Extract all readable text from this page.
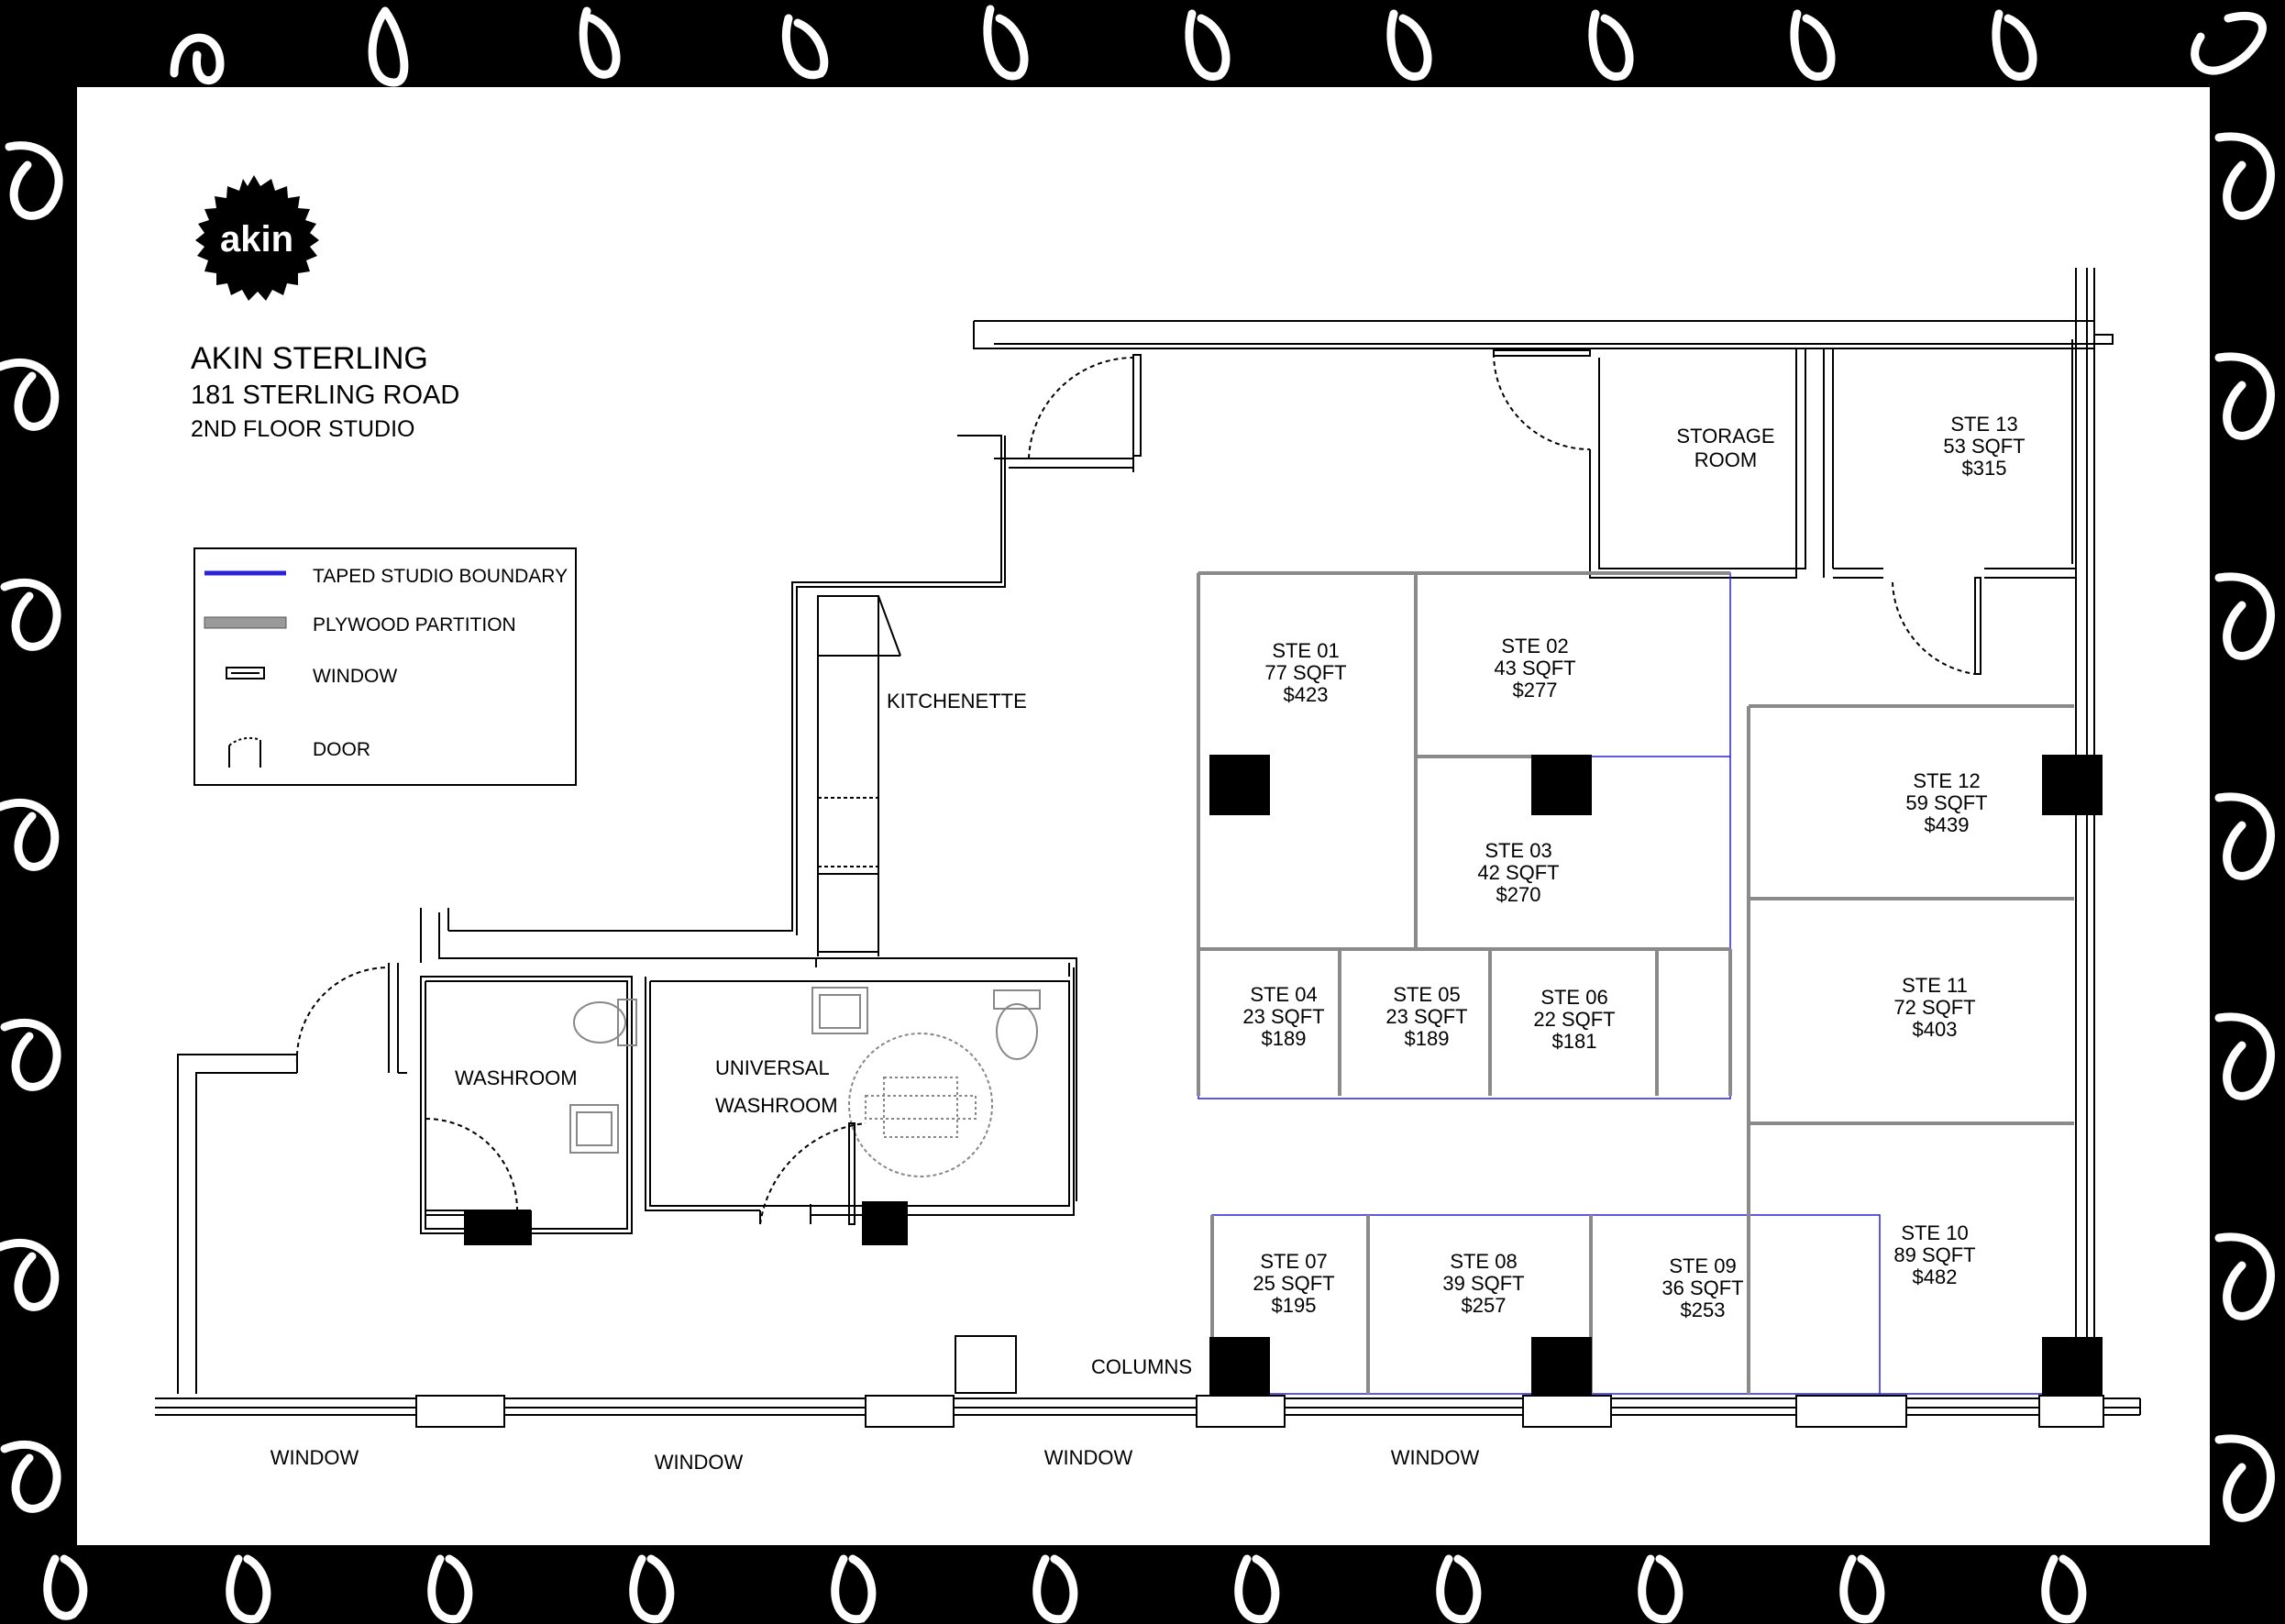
akin
AKIN STERLING
181 STERLING ROAD
2ND FLOOR STUDIO
TAPED STUDIO BOUNDARY
PLYWOOD PARTITION
WINDOW
DOOR
KITCHENETTE
STORAGE
ROOM
WASHROOM	UNIVERSAL
WASHROOM
COLUMNS
WINDOW	WINDOW	WINDOW	WINDOW
STE 01
77 SQFT
$423
STE 02
43 SQFT
$277
STE 03
42 SQFT
$270
STE 04
23 SQFT
$189
STE 05
23 SQFT
$189
STE 06
22 SQFT
$181
STE 07
25 SQFT
$195
STE 08
39 SQFT
$257
STE 09
36 SQFT
$253
STE 10
89 SQFT
$482
STE 11
72 SQFT
$403
STE 12
59 SQFT
$439
STE 13
53 SQFT
$315
